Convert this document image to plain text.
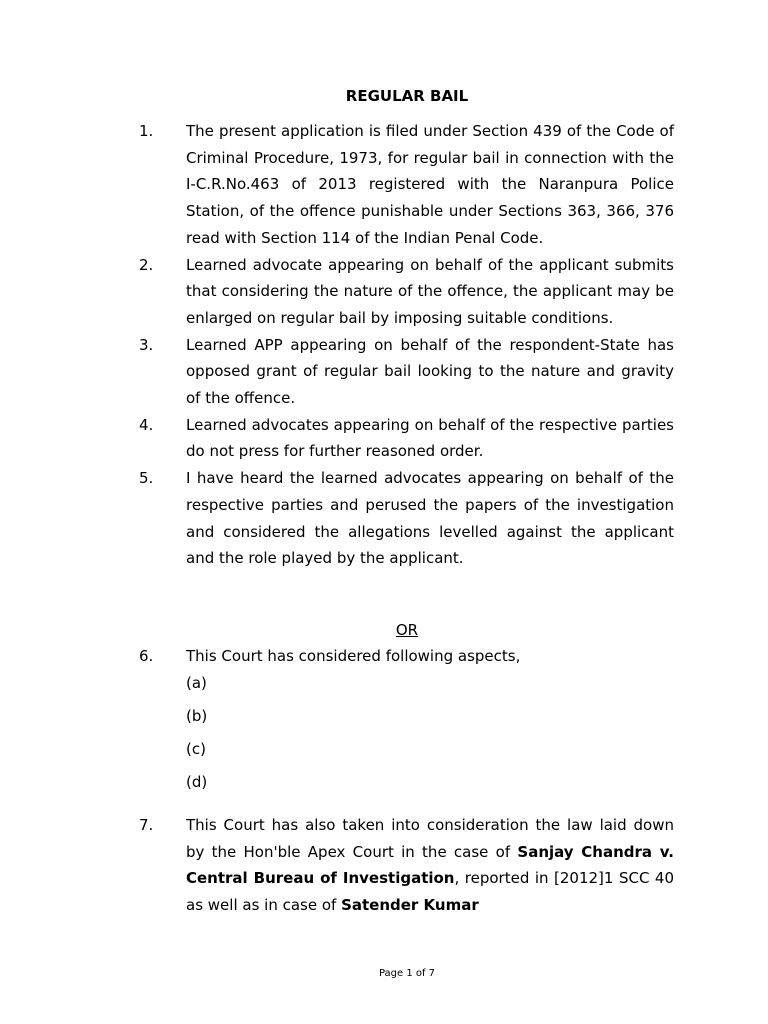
REGULAR BAIL
1. The present application is filed under Section 439 of the Code of Criminal Procedure, 1973, for regular bail in connection with the I-C.R.No.463 of 2013 registered with the Naranpura Police Station, of the offence punishable under Sections 363, 366, 376 read with Section 114 of the Indian Penal Code.
2. Learned advocate appearing on behalf of the applicant submits that considering the nature of the offence, the applicant may be enlarged on regular bail by imposing suitable conditions.
3. Learned APP appearing on behalf of the respondent-State has opposed grant of regular bail looking to the nature and gravity of the offence.
4. Learned advocates appearing on behalf of the respective parties do not press for further reasoned order.
5. I have heard the learned advocates appearing on behalf of the respective parties and perused the papers of the investigation and considered the allegations levelled against the applicant and the role played by the applicant.
OR
6. This Court has considered following aspects,
(a)
(b)
(c)
(d)
7. This Court has also taken into consideration the law laid down by the Hon'ble Apex Court in the case of Sanjay Chandra v. Central Bureau of Investigation, reported in [2012]1 SCC 40 as well as in case of Satender Kumar
Page 1 of 7
